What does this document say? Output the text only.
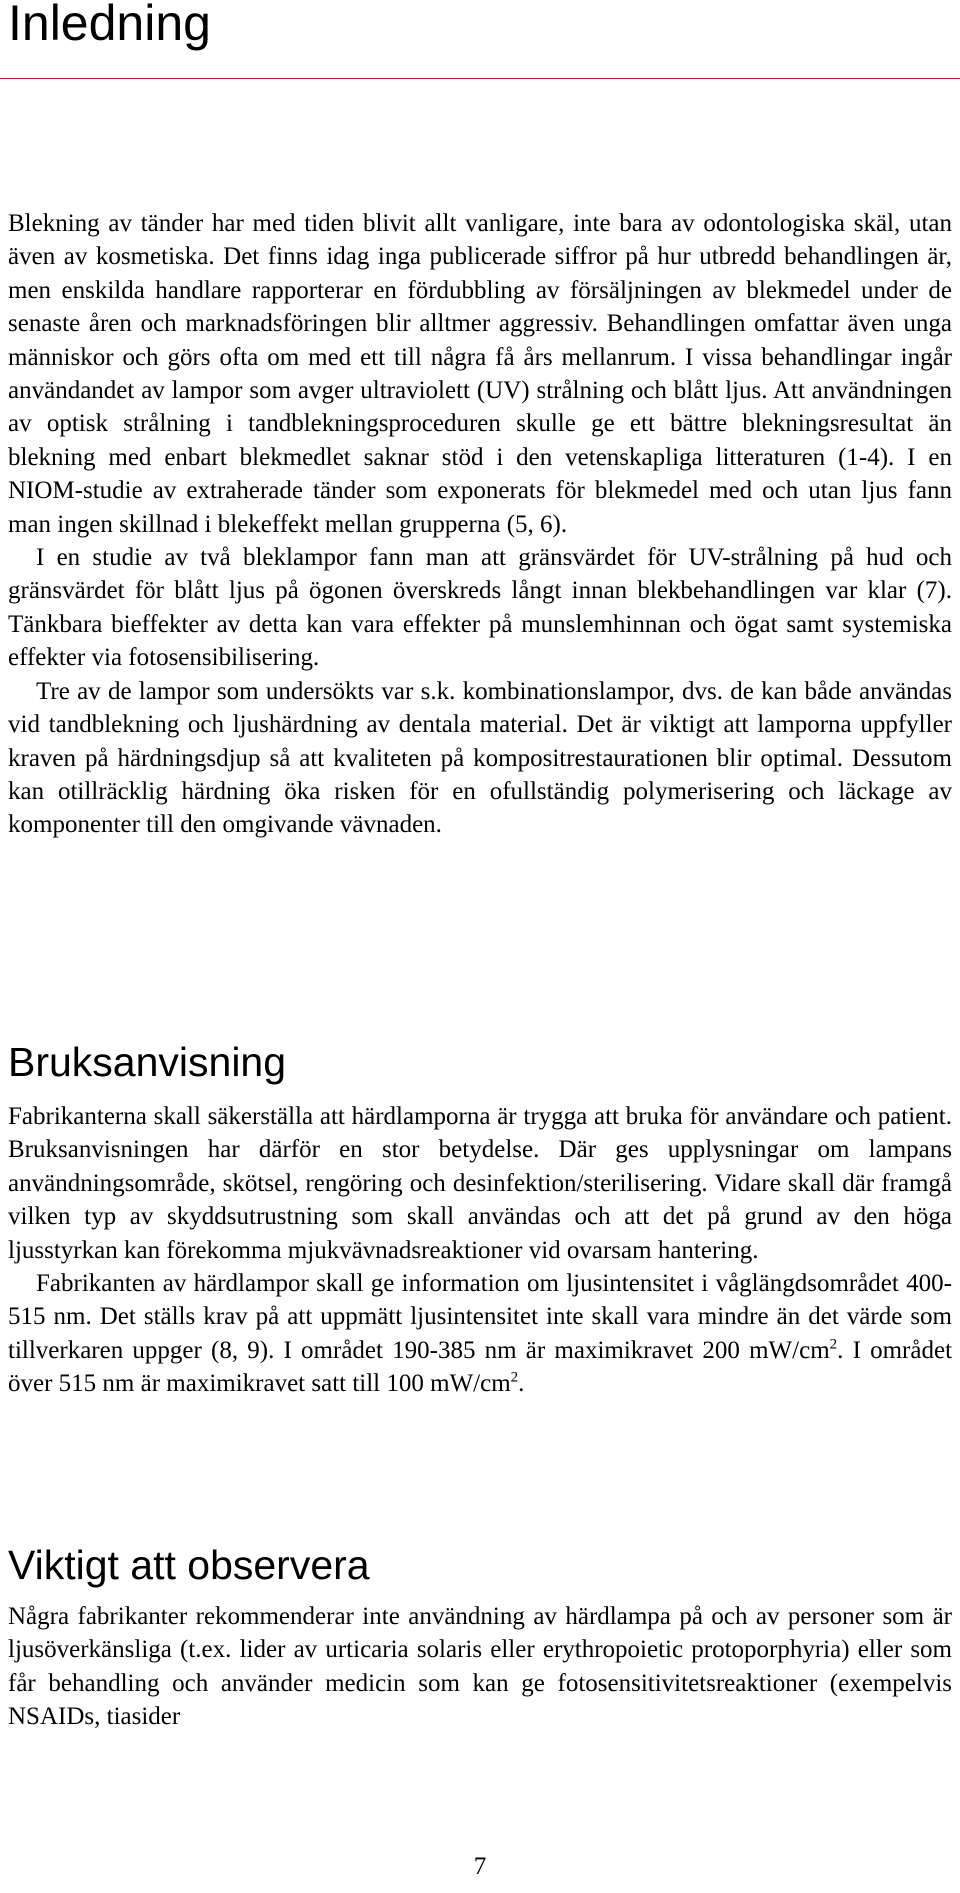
Inledning

Blekning av tänder har med tiden blivit allt vanligare, inte bara av odontologiska skäl, utan även av kosmetiska. Det finns idag inga publicerade siffror på hur utbredd behandlingen är, men enskilda handlare rapporterar en fördubbling av försäljningen av blekmedel under de senaste åren och marknadsföringen blir alltmer aggressiv. Behandlingen omfattar även unga människor och görs ofta om med ett till några få års mellanrum. I vissa behandlingar ingår användandet av lampor som avger ultraviolett (UV) strålning och blått ljus. Att användningen av optisk strålning i tandblekningsproceduren skulle ge ett bättre blekningsresultat än blekning med enbart blekmedlet saknar stöd i den vetenskapliga litteraturen (1-4). I en NIOM-studie av extraherade tänder som exponerats för blekmedel med och utan ljus fann man ingen skillnad i blekeffekt mellan grupperna (5, 6).

I en studie av två bleklampor fann man att gränsvärdet för UV-strålning på hud och gränsvärdet för blått ljus på ögonen överskreds långt innan blekbehandlingen var klar (7). Tänkbara bieffekter av detta kan vara effekter på munslemhinnan och ögat samt systemiska effekter via fotosensibilisering.

Tre av de lampor som undersökts var s.k. kombinationslampor, dvs. de kan både användas vid tandblekning och ljushärdning av dentala material. Det är viktigt att lamporna uppfyller kraven på härdningsdjup så att kvaliteten på kompositrestaurationen blir optimal. Dessutom kan otillräcklig härdning öka risken för en ofullständig polymerisering och läckage av komponenter till den omgivande vävnaden.

Bruksanvisning

Fabrikanterna skall säkerställa att härdlamporna är trygga att bruka för användare och patient. Bruksanvisningen har därför en stor betydelse. Där ges upplysningar om lampans användningsområde, skötsel, rengöring och desinfektion/sterilisering. Vidare skall där framgå vilken typ av skyddsutrustning som skall användas och att det på grund av den höga ljusstyrkan kan förekomma mjukvävnadsreaktioner vid ovarsam hantering.

Fabrikanten av härdlampor skall ge information om ljusintensitet i våglängdsområdet 400-515 nm. Det ställs krav på att uppmätt ljusintensitet inte skall vara mindre än det värde som tillverkaren uppger (8, 9). I området 190-385 nm är maximikravet 200 $mW/cm^2$. I området över 515 nm är maximikravet satt till 100 $mW/cm^2$.

Viktigt att observera

Några fabrikanter rekommenderar inte användning av härdlampa på och av personer som är ljusöverkänsliga (t.ex. lider av urticaria solaris eller erythropoietic protoporphyria) eller som får behandling och använder medicin som kan ge fotosensitivitetsreaktioner (exempelvis NSAIDs, tiasider

7
